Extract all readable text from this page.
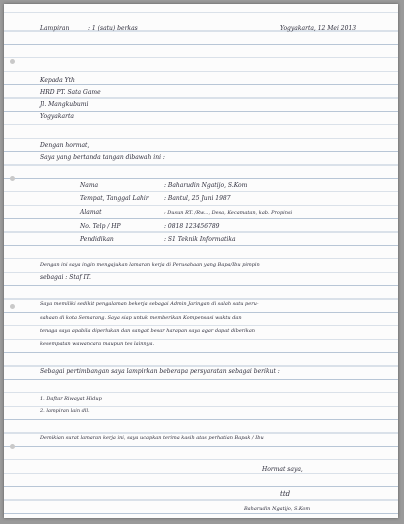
Lampiran	: 1 (satu) berkas	Yogyakarta, 12 Mei 2013
Kepada Yth
HRD PT. Sata Game
Jl. Mangkubumi
Yogyakarta
Dengan hormat,
Saya yang bertanda tangan dibawah ini :
Nama	: Baharudin Ngatijo, S.Kom
Tempat, Tanggal Lahir	: Bantul, 25 Juni 1987
Alamat	: Dusun RT. /Rw..., Desa, Kecamatan, kab. Propinsi
No. Telp / HP	: 0818 123456789
Pendidikan	: S1 Teknik Informatika
Dengan ini saya ingin mengajukan lamaran kerja di Perusahaan yang Bapa/Ibu pimpin
sebagai : Staf IT.
Saya memiliki sedikit pengalaman bekerja sebagai Admin Jaringan di salah satu peru-
sahaan di kota Semarang. Saya siap untuk memberikan Kompensasi waktu dan
tenaga saya apabila diperlukan dan sangat besar harapan saya agar dapat diberikan
kesempatan wawancara maupun tes lainnya.
Sebagai pertimbangan saya lampirkan beberapa persyaratan sebagai berikut :
1. Daftar Riwayat Hidup
2. lampiran lain dll.
Demikian surat lamaran kerja ini, saya ucapkan terima kasih atas perhatian Bapak / Ibu
Hormat saya,
ttd
Baharudin Ngatijo, S.Kom
